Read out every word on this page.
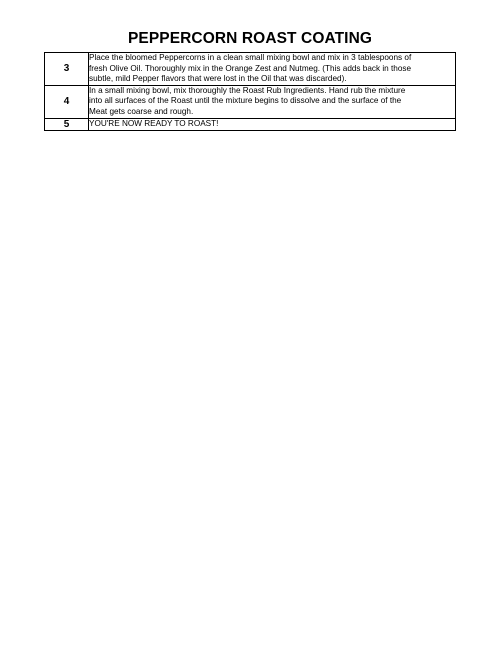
PEPPERCORN ROAST COATING
3	Place the bloomed Peppercorns in a clean small mixing bowl and mix in 3 tablespoons of
fresh Olive Oil. Thoroughly mix in the Orange Zest and Nutmeg. (This adds back in those
subtle, mild Pepper flavors that were lost in the Oil that was discarded).

4	In a small mixing bowl, mix thoroughly the Roast Rub Ingredients. Hand rub the mixture
into all surfaces of the Roast until the mixture begins to dissolve and the surface of the
Meat gets coarse and rough.

5	YOU'RE NOW READY TO ROAST!
